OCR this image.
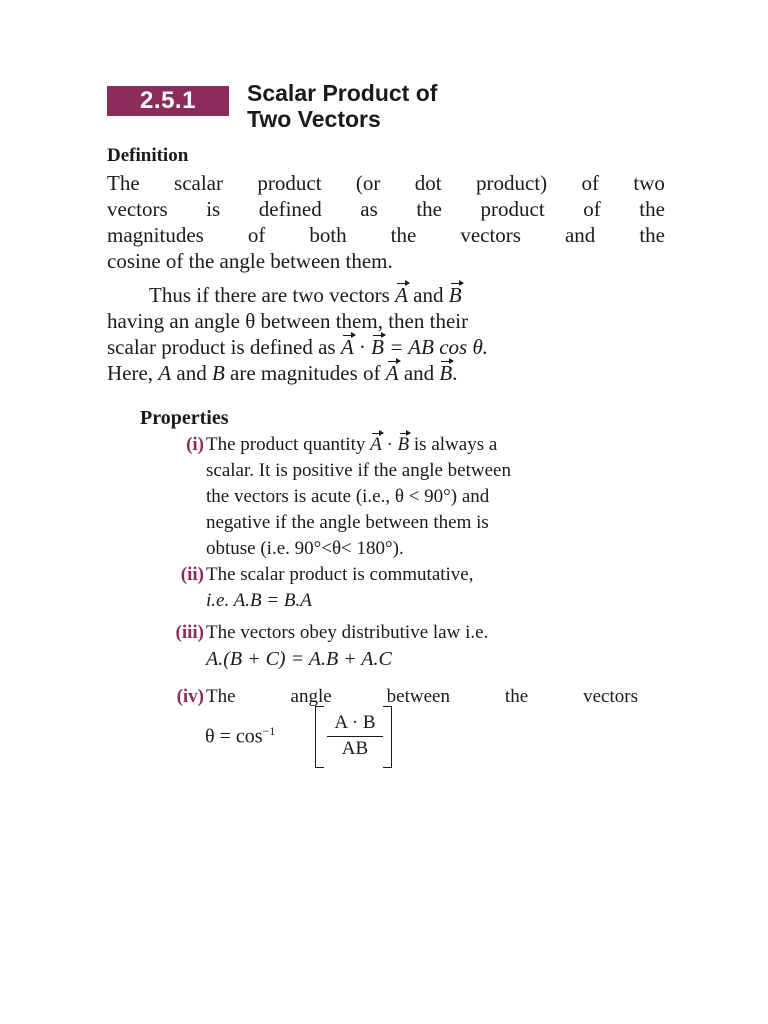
2.5.1	Scalar Product of
Two Vectors
Definition
The scalar product (or dot product) of two
vectors is defined as the product of the
magnitudes of both the vectors and the
cosine of the angle between them.
Thus if there are two vectors A and B
having an angle θ between them, then their
scalar product is defined as A · B = AB cos θ.
Here, A and B are magnitudes of A and B.
Properties
(i) The product quantity A · B is always a
scalar. It is positive if the angle between
the vectors is acute (i.e., θ < 90°) and
negative if the angle between them is
obtuse (i.e. 90°<θ< 180°).
(ii) The scalar product is commutative,
i.e. A.B = B.A
(iii) The vectors obey distributive law i.e.
A.(B + C) = A.B + A.C
(iv) The	angle	between	the	vectors
$\theta = \cos^{-1}$	$\frac{A \cdot B}{AB}$
